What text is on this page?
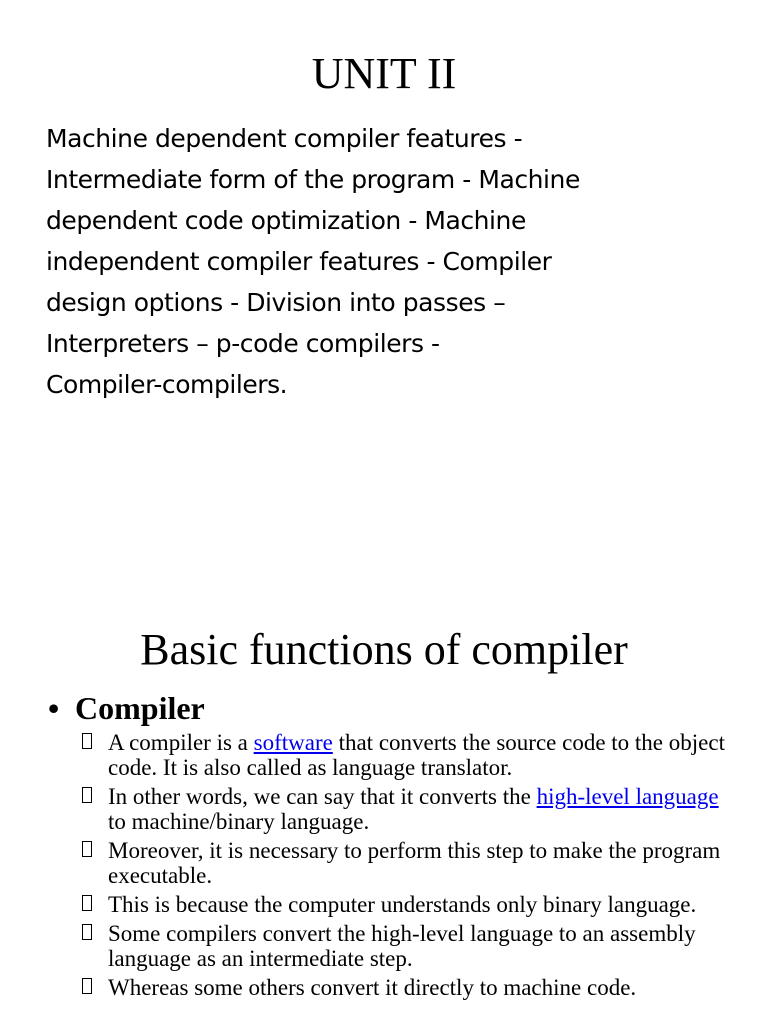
UNIT II
Machine dependent compiler features -
Intermediate form of the program - Machine
dependent code optimization - Machine
independent compiler features - Compiler
design options - Division into passes –
Interpreters – p-code compilers -
Compiler-compilers.
Basic functions of compiler
• Compiler
A compiler is a software that converts the source code to the object code. It is also called as language translator.
In other words, we can say that it converts the high-level language to machine/binary language.
Moreover, it is necessary to perform this step to make the program executable.
This is because the computer understands only binary language.
Some compilers convert the high-level language to an assembly language as an intermediate step.
Whereas some others convert it directly to machine code.
